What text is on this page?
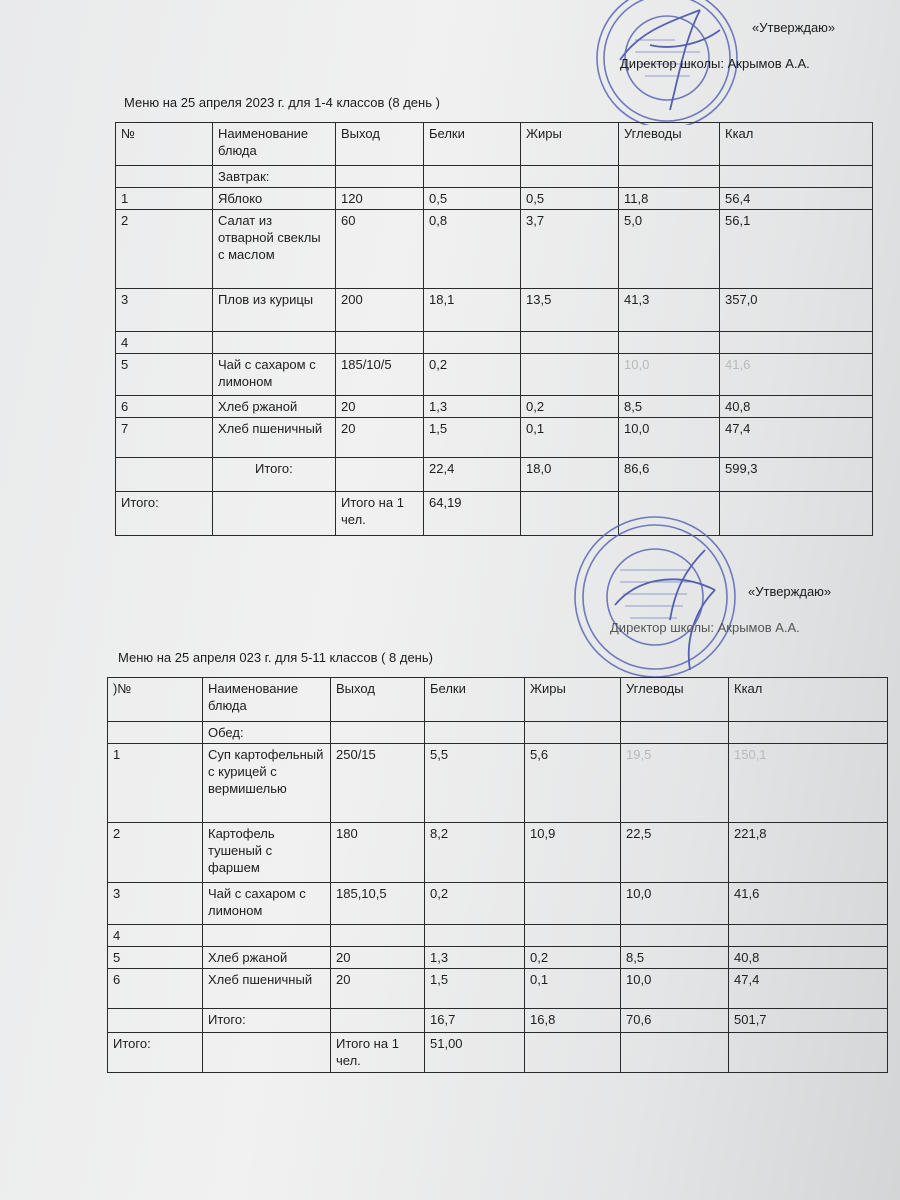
«Утверждаю»
Директор школы: Акрымов А.А.
Меню на 25 апреля 2023 г. для 1-4 классов (8 день )
№	Наименование блюда	Выход	Белки	Жиры	Углеводы	Ккал
	Завтрак:					
1	Яблоко	120	0,5	0,5	11,8	56,4
2	Салат из отварной свеклы с маслом	60	0,8	3,7	5,0	56,1
3	Плов из курицы	200	18,1	13,5	41,3	357,0
4						
5	Чай с сахаром с лимоном	185/10/5	0,2		10,0	41,6
6	Хлеб ржаной	20	1,3	0,2	8,5	40,8
7	Хлеб пшеничный	20	1,5	0,1	10,0	47,4
	Итого:		22,4	18,0	86,6	599,3
Итого:		Итого на 1 чел.	64,19			
«Утверждаю»
Директор школы: Акрымов А.А.
Меню на 25 апреля 023 г. для 5-11 классов ( 8 день)
)№	Наименование блюда	Выход	Белки	Жиры	Углеводы	Ккал
	Обед:					
1	Суп картофельный с курицей с вермишелью	250/15	5,5	5,6	19,5	150,1
2	Картофель тушеный с фаршем	180	8,2	10,9	22,5	221,8
3	Чай с сахаром с лимоном	185,10,5	0,2		10,0	41,6
4						
5	Хлеб ржаной	20	1,3	0,2	8,5	40,8
6	Хлеб пшеничный	20	1,5	0,1	10,0	47,4
	Итого:		16,7	16,8	70,6	501,7
Итого:		Итого на 1 чел.	51,00			
